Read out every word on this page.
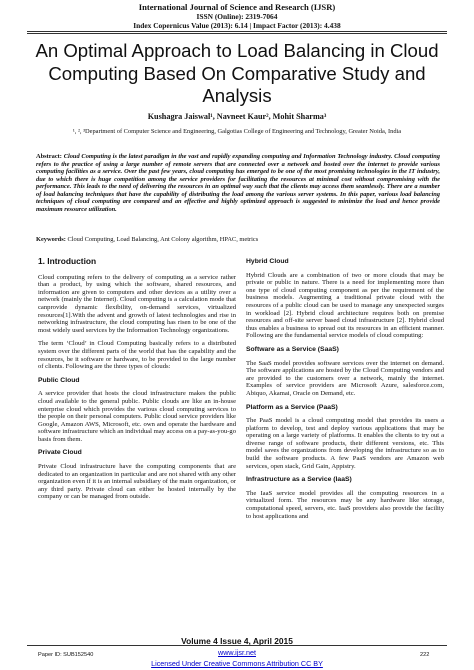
International Journal of Science and Research (IJSR)
ISSN (Online): 2319-7064
Index Copernicus Value (2013): 6.14 | Impact Factor (2013): 4.438
An Optimal Approach to Load Balancing in Cloud Computing Based On Comparative Study and Analysis
Kushagra Jaiswal¹, Navneet Kaur², Mohit Sharma³
¹, ², ³Department of Computer Science and Engineering, Galgotias College of Engineering and Technology, Greater Noida, India
Abstract: Cloud Computing is the latest paradigm in the vast and rapidly expanding computing and Information Technology industry. Cloud computing refers to the practice of using a large number of remote servers that are connected over a network and hosted over the internet to provide various computing facilities as a service. Over the past few years, cloud computing has emerged to be one of the most promising technologies in the IT industry, due to which there is huge competition among the service providers for facilitating the resources at minimal cost without compromising with the performance. This leads to the need of delivering the resources in an optimal way such that the clients may access them seamlessly. There are a number of load balancing techniques that have the capability of distributing the load among the various server systems. In this paper, various load balancing techniques of cloud computing are compared and an effective and highly optimized approach is suggested to minimize the load and hence provide maximum resource utilization.
Keywords: Cloud Computing, Load Balancing, Ant Colony algorithm, HPAC, metrics
1. Introduction

Cloud computing refers to the delivery of computing as a service rather than a product, by using which the software, shared resources, and information are given to computers and other devices as a utility over a network (mainly the Internet). Cloud computing is a calculation mode that canprovide dynamic flexibility, on-demand services, virtualized resources[1].With the advent and growth of latest technologies and rise in networking infrastructure, the cloud computing has risen to be one of the most widely used services by the Information Technology organizations.

The term ‘Cloud’ in Cloud Computing basically refers to a distributed system over the different parts of the world that has the capability and the resources, be it software or hardware, to be provided to the large number of clients. Following are the three types of clouds:

Public Cloud

A service provider that hosts the cloud infrastructure makes the public cloud available to the general public. Public clouds are like an in-house enterprise cloud which provides the various cloud computing services to the people on their personal computers. Public cloud service providers like Google, Amazon AWS, Microsoft, etc. own and operate the hardware and software infrastructure which an individual may access on a pay-as-you-go basis from them.

Private Cloud

Private Cloud infrastructure have the computing components that are dedicated to an organization in particular and are not shared with any other organization even if it is an internal subsidiary of the main organization, or any third party. Private cloud can either be hosted internally by the company or can be managed from outside.

Hybrid Cloud

Hybrid Clouds are a combination of two or more clouds that may be private or public in nature. There is a need for implementing more than one type of cloud computing component as per the requirement of the business models. Augmenting a traditional private cloud with the resources of a public cloud can be used to manage any unexpected surges in workload [2]. Hybrid cloud architecture requires both on premise resources and off-site server based cloud infrastructure [2]. Hybrid cloud thus enables a business to spread out its resources in an efficient manner. Following are the fundamental service models of cloud computing:

Software as a Service (SaaS)

The SaaS model provides software services over the internet on demand. The software applications are hosted by the Cloud Computing vendors and are provided to the customers over a network, mainly the internet. Examples of service providers are Microsoft Azure, salesforce.com, Abiquo, Akamai, Oracle on Demand, etc.

Platform as a Service (PaaS)

The PaaS model is a cloud computing model that provides its users a platform to develop, test and deploy various applications that may be operating on a large variety of platforms. It enables the clients to try out a diverse range of software products, their different versions, etc. This model saves the organizations from developing the infrastructure so as to build the software products. A few PaaS vendors are Amazon web services, open stack, Grid Gain, Appistry.

Infrastructure as a Service (IaaS)

The IaaS service model provides all the computing resources in a virtualized form. The resources may be any hardware like storage, computational speed, servers, etc. IaaS providers also provide the facility to host applications and

Volume 4 Issue 4, April 2015
Paper ID: SUB152540	www.ijsr.net	222
Licensed Under Creative Commons Attribution CC BY
